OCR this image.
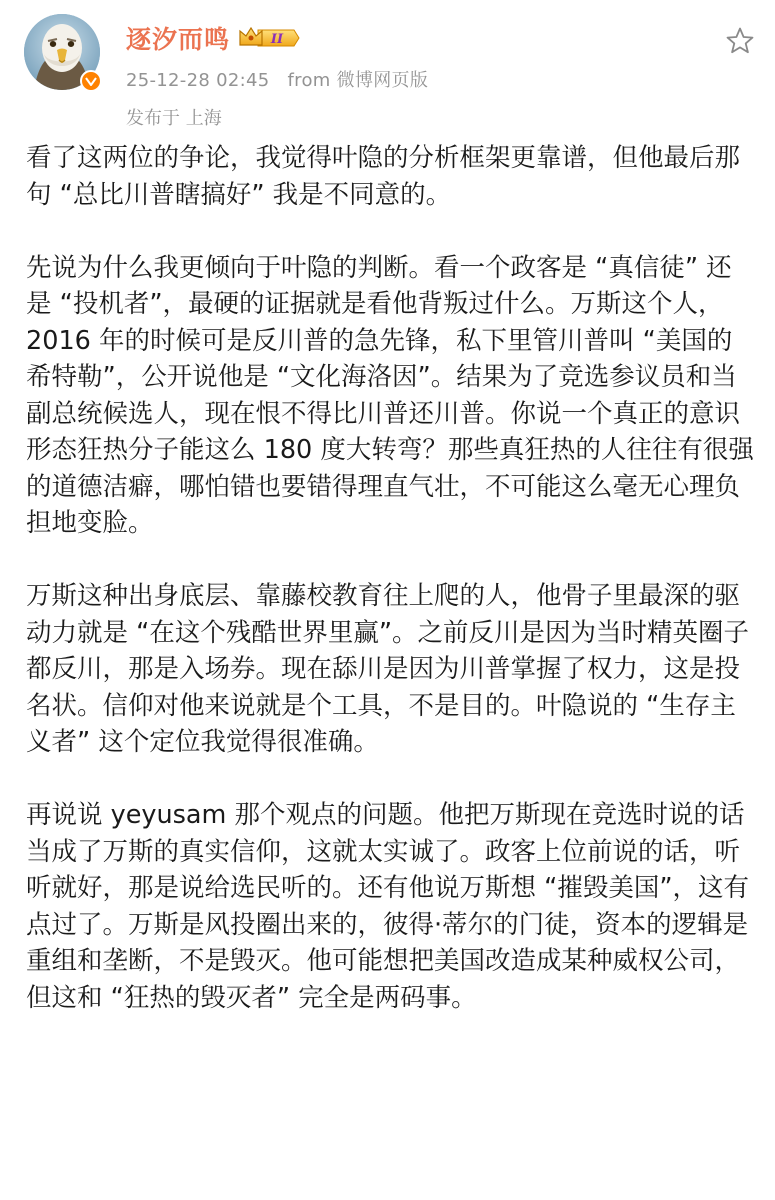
逐汐而鸣	II
25-12-28 02:45 from 微博网页版
发布于 上海

看了这两位的争论，我觉得叶隐的分析框架更靠谱，但他最后那句 “总比川普瞎搞好” 我是不同意的。

先说为什么我更倾向于叶隐的判断。看一个政客是 “真信徒” 还是 “投机者”，最硬的证据就是看他背叛过什么。万斯这个人，2016 年的时候可是反川普的急先锋，私下里管川普叫 “美国的希特勒”，公开说他是 “文化海洛因”。结果为了竞选参议员和当副总统候选人，现在恨不得比川普还川普。你说一个真正的意识形态狂热分子能这么 180 度大转弯？那些真狂热的人往往有很强的道德洁癖，哪怕错也要错得理直气壮，不可能这么毫无心理负担地变脸。

万斯这种出身底层、靠藤校教育往上爬的人，他骨子里最深的驱动力就是 “在这个残酷世界里赢”。之前反川是因为当时精英圈子都反川，那是入场券。现在舔川是因为川普掌握了权力，这是投名状。信仰对他来说就是个工具，不是目的。叶隐说的 “生存主义者” 这个定位我觉得很准确。

再说说 yeyusam 那个观点的问题。他把万斯现在竞选时说的话当成了万斯的真实信仰，这就太实诚了。政客上位前说的话，听听就好，那是说给选民听的。还有他说万斯想 “摧毁美国”，这有点过了。万斯是风投圈出来的，彼得·蒂尔的门徒，资本的逻辑是重组和垄断，不是毁灭。他可能想把美国改造成某种威权公司，但这和 “狂热的毁灭者” 完全是两码事。
